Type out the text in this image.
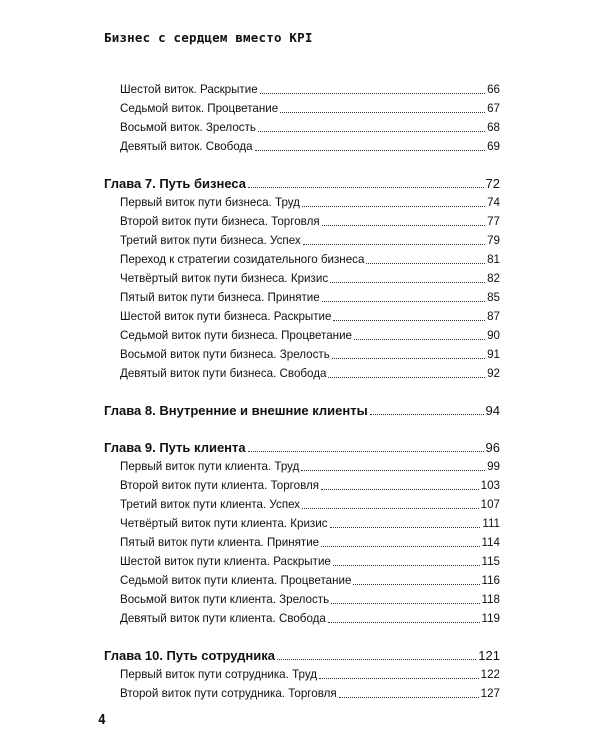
Бизнес с сердцем вместо KPI
Шестой виток. Раскрытие	66
Седьмой виток. Процветание	67
Восьмой виток. Зрелость	68
Девятый виток. Свобода	69
Глава 7. Путь бизнеса	72
Первый виток пути бизнеса. Труд	74
Второй виток пути бизнеса. Торговля	77
Третий виток пути бизнеса. Успех	79
Переход к стратегии созидательного бизнеса	81
Четвёртый виток пути бизнеса. Кризис	82
Пятый виток пути бизнеса. Принятие	85
Шестой виток пути бизнеса. Раскрытие	87
Седьмой виток пути бизнеса. Процветание	90
Восьмой виток пути бизнеса. Зрелость	91
Девятый виток пути бизнеса. Свобода	92
Глава 8. Внутренние и внешние клиенты	94
Глава 9. Путь клиента	96
Первый виток пути клиента. Труд	99
Второй виток пути клиента. Торговля	103
Третий виток пути клиента. Успех	107
Четвёртый виток пути клиента. Кризис	111
Пятый виток пути клиента. Принятие	114
Шестой виток пути клиента. Раскрытие	115
Седьмой виток пути клиента. Процветание	116
Восьмой виток пути клиента. Зрелость	118
Девятый виток пути клиента. Свобода	119
Глава 10. Путь сотрудника	121
Первый виток пути сотрудника. Труд	122
Второй виток пути сотрудника. Торговля	127
4
